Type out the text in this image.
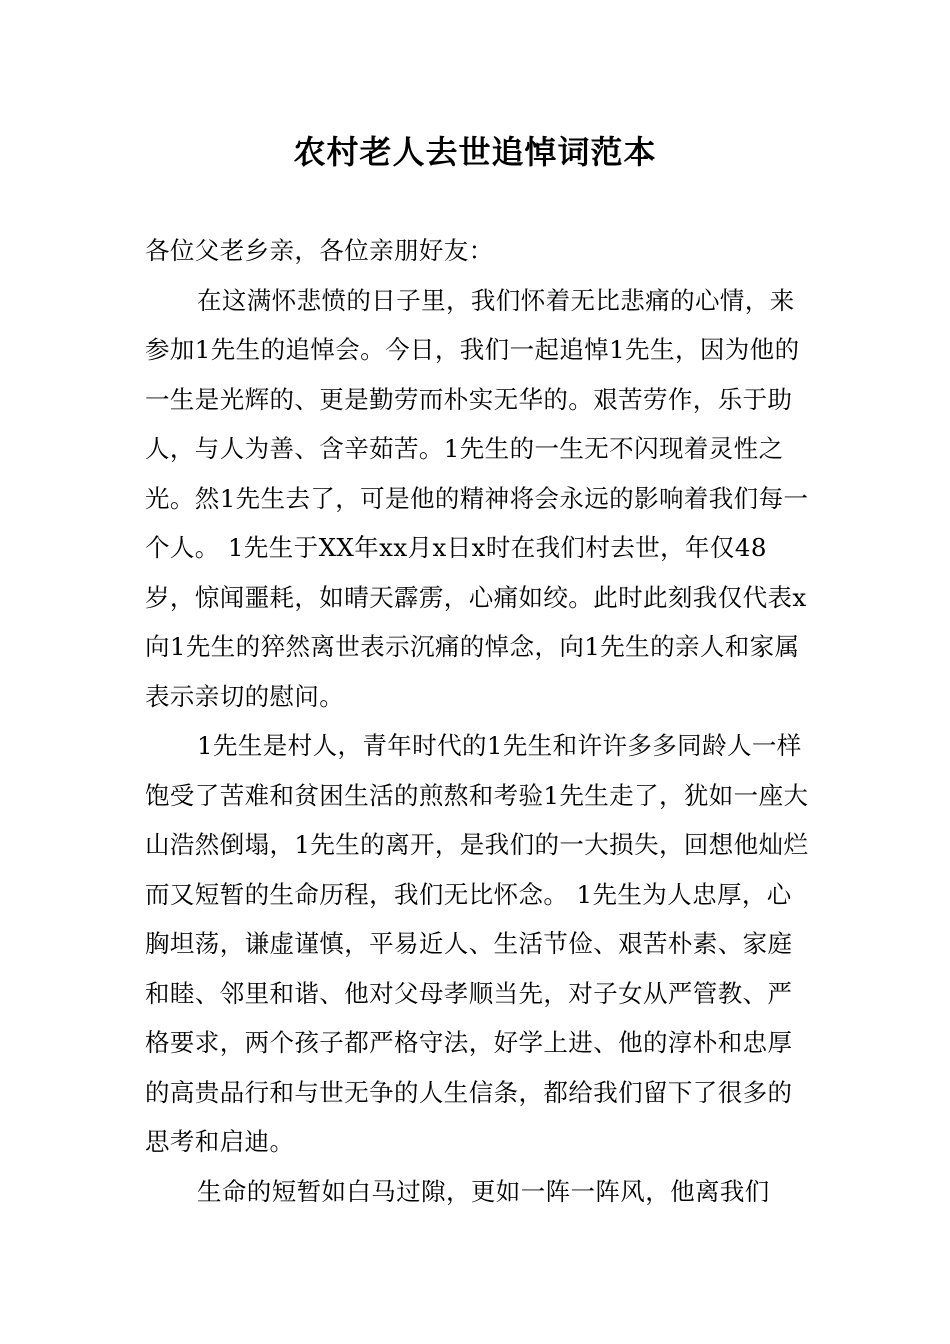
农村老人去世追悼词范本

各位父老乡亲，各位亲朋好友：

在这满怀悲愤的日子里，我们怀着无比悲痛的心情，来参加1先生的追悼会。今日，我们一起追悼1先生，因为他的一生是光辉的、更是勤劳而朴实无华的。艰苦劳作，乐于助人，与人为善、含辛茹苦。1先生的一生无不闪现着灵性之光。然1先生去了，可是他的精神将会永远的影响着我们每一个人。 1先生于XX年xx月x日x时在我们村去世，年仅48岁，惊闻噩耗，如晴天霹雳，心痛如绞。此时此刻我仅代表x向1先生的猝然离世表示沉痛的悼念，向1先生的亲人和家属表示亲切的慰问。

1先生是村人，青年时代的1先生和许许多多同龄人一样饱受了苦难和贫困生活的煎熬和考验1先生走了，犹如一座大山浩然倒塌，1先生的离开，是我们的一大损失，回想他灿烂而又短暂的生命历程，我们无比怀念。 1先生为人忠厚，心胸坦荡，谦虚谨慎，平易近人、生活节俭、艰苦朴素、家庭和睦、邻里和谐、他对父母孝顺当先，对子女从严管教、严格要求，两个孩子都严格守法，好学上进、他的淳朴和忠厚的高贵品行和与世无争的人生信条，都给我们留下了很多的思考和启迪。

生命的短暂如白马过隙，更如一阵一阵风，他离我们
